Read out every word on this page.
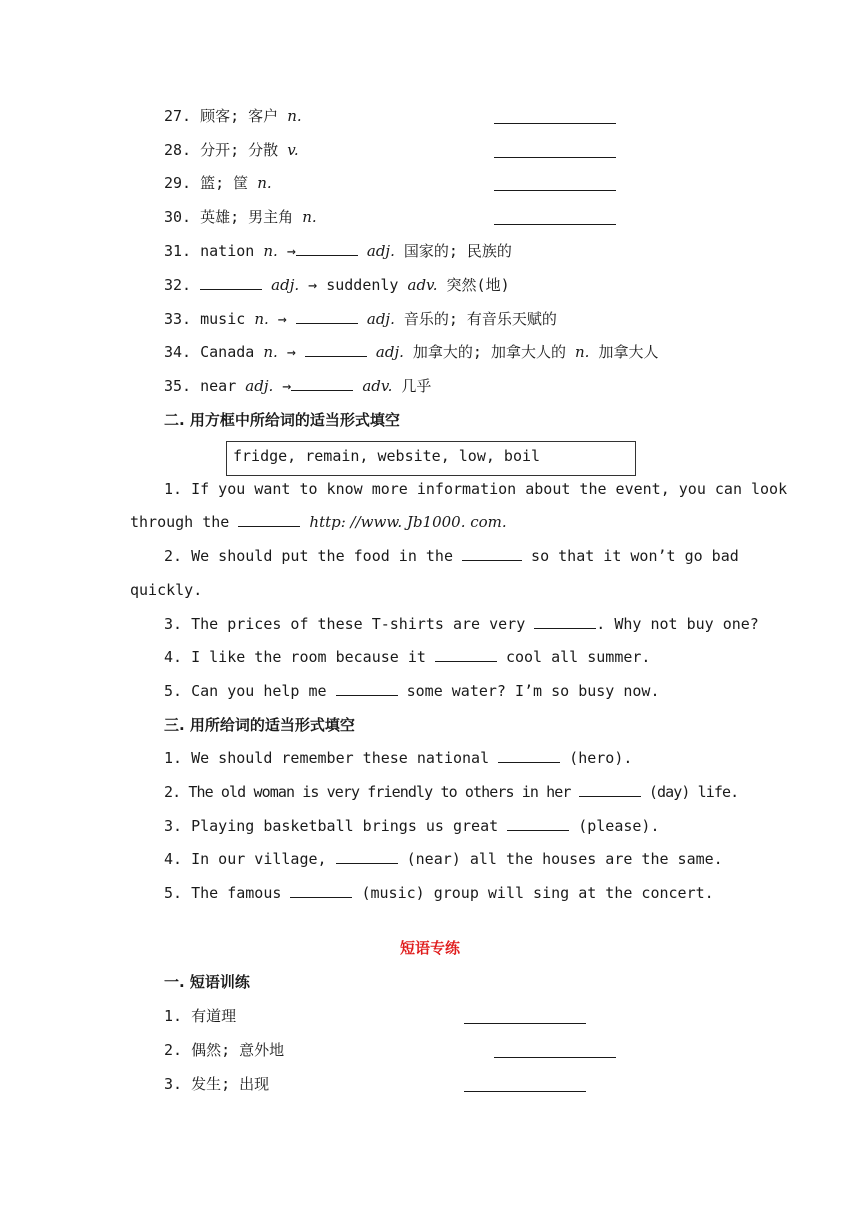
27. 顾客; 客户 n.
28. 分开; 分散 v.
29. 篮; 筐 n.
30. 英雄; 男主角 n.
31. nation n. →	adj. 国家的; 民族的
32.	adj. → suddenly adv. 突然(地)
33. music n. →	adj. 音乐的; 有音乐天赋的
34. Canada n. →	adj. 加拿大的; 加拿大人的 n. 加拿大人
35. near adj. →	adv. 几乎
二. 用方框中所给词的适当形式填空
fridge, remain, website, low, boil
1. If you want to know more information about the event, you can look
through the	http: //www. Jb1000. com.
2. We should put the food in the	so that it won’t go bad
quickly.
3. The prices of these T-shirts are very	. Why not buy one?
4. I like the room because it	cool all summer.
5. Can you help me	some water? I’m so busy now.
三. 用所给词的适当形式填空
1. We should remember these national	(hero).
2. The old woman is very friendly to others in her	(day) life.
3. Playing basketball brings us great	(please).
4. In our village,	(near) all the houses are the same.
5. The famous	(music) group will sing at the concert.
短语专练
一. 短语训练
1. 有道理
2. 偶然; 意外地
3. 发生; 出现
